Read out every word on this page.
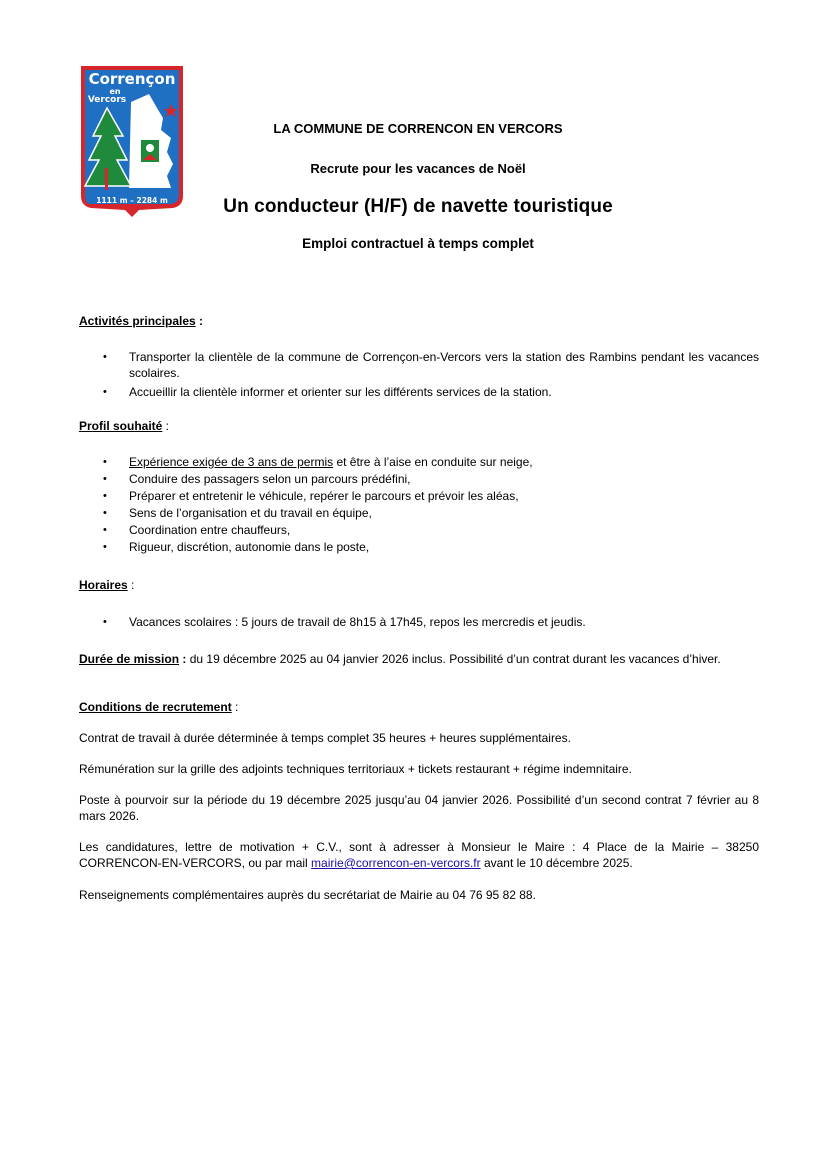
Corrençon
en
Vercors
1111 m – 2284 m
LA COMMUNE DE CORRENCON EN VERCORS
Recrute pour les vacances de Noël
Un conducteur (H/F) de navette touristique
Emploi contractuel à temps complet
Activités principales :
• Transporter la clientèle de la commune de Corrençon-en-Vercors vers la station des Rambins pendant les vacances scolaires.
• Accueillir la clientèle informer et orienter sur les différents services de la station.
Profil souhaité :
• Expérience exigée de 3 ans de permis et être à l’aise en conduite sur neige,
• Conduire des passagers selon un parcours prédéfini,
• Préparer et entretenir le véhicule, repérer le parcours et prévoir les aléas,
• Sens de l’organisation et du travail en équipe,
• Coordination entre chauffeurs,
• Rigueur, discrétion, autonomie dans le poste,
Horaires :
• Vacances scolaires : 5 jours de travail de 8h15 à 17h45, repos les mercredis et jeudis.
Durée de mission : du 19 décembre 2025 au 04 janvier 2026 inclus. Possibilité d’un contrat durant les vacances d’hiver.
Conditions de recrutement :
Contrat de travail à durée déterminée à temps complet 35 heures + heures supplémentaires.
Rémunération sur la grille des adjoints techniques territoriaux + tickets restaurant + régime indemnitaire.
Poste à pourvoir sur la période du 19 décembre 2025 jusqu’au 04 janvier 2026. Possibilité d’un second contrat 7 février au 8 mars 2026.
Les candidatures, lettre de motivation + C.V., sont à adresser à Monsieur le Maire : 4 Place de la Mairie – 38250 CORRENCON-EN-VERCORS, ou par mail mairie@correncon-en-vercors.fr avant le 10 décembre 2025.
Renseignements complémentaires auprès du secrétariat de Mairie au 04 76 95 82 88.
